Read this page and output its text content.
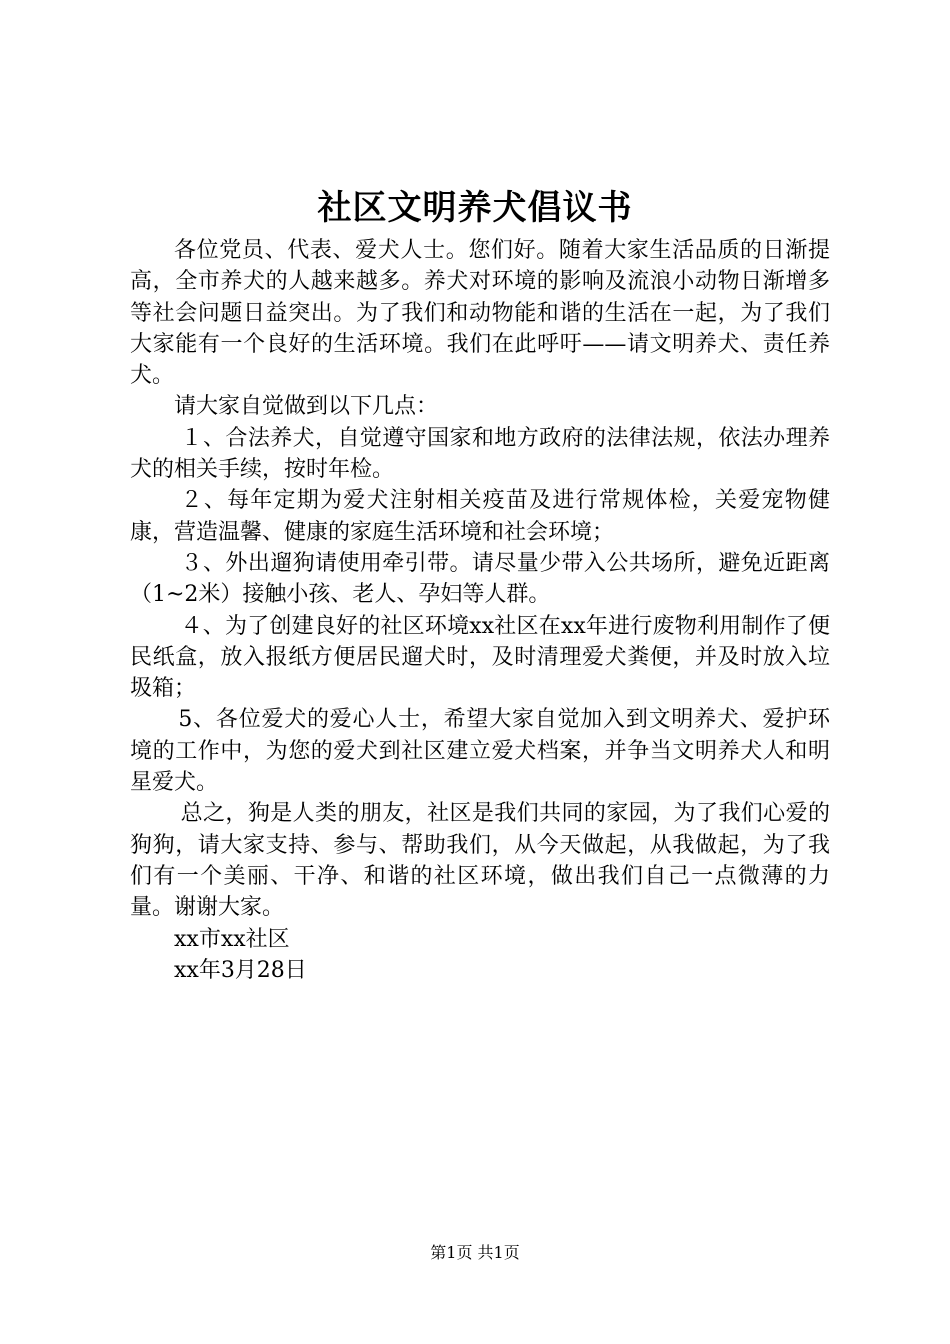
社区文明养犬倡议书

各位党员、代表、爱犬人士。您们好。随着大家生活品质的日渐提高，全市养犬的人越来越多。养犬对环境的影响及流浪小动物日渐增多等社会问题日益突出。为了我们和动物能和谐的生活在一起，为了我们大家能有一个良好的生活环境。我们在此呼吁——请文明养犬、责任养犬。

请大家自觉做到以下几点：

１、合法养犬，自觉遵守国家和地方政府的法律法规，依法办理养犬的相关手续，按时年检。

２、每年定期为爱犬注射相关疫苗及进行常规体检，关爱宠物健康，营造温馨、健康的家庭生活环境和社会环境；

３、外出遛狗请使用牵引带。请尽量少带入公共场所，避免近距离（1~2米）接触小孩、老人、孕妇等人群。

４、为了创建良好的社区环境xx社区在xx年进行废物利用制作了便民纸盒，放入报纸方便居民遛犬时，及时清理爱犬粪便，并及时放入垃圾箱；

5、各位爱犬的爱心人士，希望大家自觉加入到文明养犬、爱护环境的工作中，为您的爱犬到社区建立爱犬档案，并争当文明养犬人和明星爱犬。

总之，狗是人类的朋友，社区是我们共同的家园，为了我们心爱的狗狗，请大家支持、参与、帮助我们，从今天做起，从我做起，为了我们有一个美丽、干净、和谐的社区环境，做出我们自己一点微薄的力量。谢谢大家。

xx市xx社区

xx年3月28日

第1页 共1页
